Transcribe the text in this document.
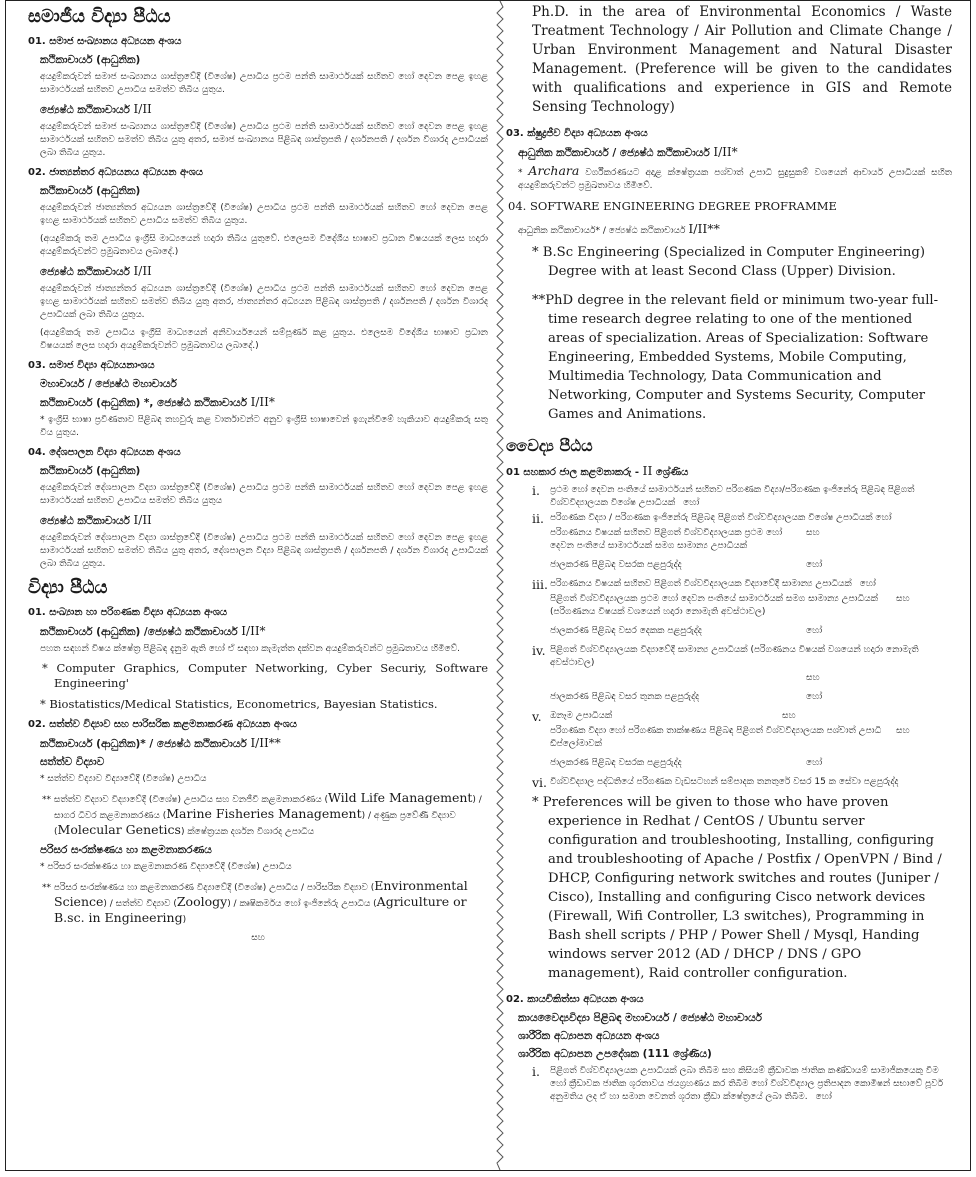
සමාජීය විද්‍යා පීඨය
01. සමාජ සංඛ්‍යානය අධ්‍යයන අංශය
කථිකාචාර්ය (ආධුනික)
අයදුම්කරුවන් සමාජ සංඛ්‍යානය ශාස්ත්‍රවේදී (විශේෂ) උපාධිය ප්‍රථම පන්ති සාමාර්ථයක් සහිතව හෝ දෙවන පෙළ ඉහළ සාමාර්ථයක් සහිතව උපාධිය සමත්ව තිබිය යුතුය.
ජ්‍යෙෂ්ඨ කථිකාචාර්ය I/II
අයදුම්කරුවන් සමාජ සංඛ්‍යානය ශාස්ත්‍රවේදී (විශේෂ) උපාධිය ප්‍රථම පන්ති සාමාර්ථයක් සහිතව හෝ දෙවන පෙළ ඉහළ සාමාර්ථයක් සහිතව සමත්ව තිබිය යුතු අතර, සමාජ සංඛ්‍යානය පිළිබඳ ශාස්ත්‍රපති / දර්ශනපති / දර්ශන විශාරද උපාධියක් ලබා තිබිය යුතුය.
02. ජාත්‍යන්තර අධ්‍යයනය අධ්‍යයන අංශය
කථිකාචාර්ය (ආධුනික)
අයදුම්කරුවන් ජාත්‍යන්තර අධ්‍යයන ශාස්ත්‍රවේදී (විශේෂ) උපාධිය ප්‍රථම පන්ති සාමාර්ථයක් සහිතව හෝ දෙවන පෙළ ඉහළ සාමාර්ථයක් සහිතව උපාධිය සමත්ව තිබිය යුතුය.
(අයදුම්කරු තම උපාධිය ඉංග්‍රීසි මාධ්‍යයෙන් හදාරා තිබිය යුතුවේ. එලෙසම විදේශීය භාෂාව ප්‍රධාන විෂයයක් ලෙස හදාරා අයදුම්කරුවන්ට ප්‍රමුඛතාවය ලබාදේ.)
ජ්‍යෙෂ්ඨ කථිකාචාර්ය I/II
අයදුම්කරුවන් ජාත්‍යන්තර අධ්‍යයන ශාස්ත්‍රවේදී (විශේෂ) උපාධිය ප්‍රථම පන්ති සාමාර්ථයක් සහිතව හෝ දෙවන පෙළ ඉහළ සාමාර්ථයක් සහිතව සමත්ව තිබිය යුතු අතර, ජාත්‍යන්තර අධ්‍යයන පිළිබඳ ශාස්ත්‍රපති / දර්ශනපති / දර්ශන විශාරද උපාධියක් ලබා තිබිය යුතුය.
(අයදුම්කරු තම උපාධිය ඉංග්‍රීසි මාධ්‍යයෙන් අනිවාර්යයෙන් සම්පූර්ණ කළ යුතුය. එලෙසම විදේශීය භාෂාව ප්‍රධාන විෂයයක් ලෙස හදාරා අයදුම්කරුවන්ට ප්‍රමුඛතාවය ලබාදේ.)
03. සමාජ විද්‍යා අධ්‍යයනාංශය
මහාචාර්ය / ජ්‍යෙෂ්ඨ මහාචාර්ය
කථිකාචාර්ය (ආධුනික) *, ජ්‍යෙෂ්ඨ කථිකාචාර්ය I/II*
* ඉංග්‍රීසි භාෂා ප්‍රවීණතාව පිළිබඳ තහවුරු කළ වාර්තාවන්ට අනුව ඉංග්‍රීසි භාෂාවෙන් ඉගැන්වීමේ හැකියාව අයදුම්කරු සතු විය යුතුය.
04. දේශපාලන විද්‍යා අධ්‍යයන අංශය
කථිකාචාර්ය (ආධුනික)
අයදුම්කරුවන් දේශපාලන විද්‍යා ශාස්ත්‍රවේදී (විශේෂ) උපාධිය ප්‍රථම පන්ති සාමාර්ථයක් සහිතව හෝ දෙවන පෙළ ඉහළ සාමාර්ථයක් සහිතව උපාධිය සමත්ව තිබිය යුතුය
ජ්‍යෙෂ්ඨ කථිකාචාර්ය I/II
අයදුම්කරුවන් දේශපාලන විද්‍යා ශාස්ත්‍රවේදී (විශේෂ) උපාධිය ප්‍රථම පන්ති සාමාර්ථයක් සහිතව හෝ දෙවන පෙළ ඉහළ සාමාර්ථයක් සහිතව සමත්ව තිබිය යුතු අතර, දේශපාලන විද්‍යා පිළිබඳ ශාස්ත්‍රපති / දර්ශනපති / දර්ශන විශාරද උපාධියක් ලබා තිබිය යුතුය.
විද්‍යා පීඨය
01. සංඛ්‍යාන හා පරිගණක විද්‍යා අධ්‍යයන අංශය
කථිකාචාර්ය (ආධුනික) /ජ්‍යෙෂ්ඨ කථිකාචාර්ය I/II*
පහත සඳහන් විෂය ක්ෂේත්‍ර පිළිබඳ දැනුම ඇති හෝ ඒ සඳහා කැමැත්ත දක්වන අයදුම්කරුවන්ට ප්‍රමුඛතාවය හිමිවේ.
* Computer Graphics, Computer Networking, Cyber Securiy, Software Engineering'
* Biostatistics/Medical Statistics, Econometrics, Bayesian Statistics.
02. සත්ත්ව විද්‍යාව සහ පාරිසරික කළමනාකරණ අධ්‍යයන අංශය
කථිකාචාර්ය (ආධුනික)* / ජ්‍යෙෂ්ඨ කථිකාචාර්ය I/II**
සත්ත්ව විද්‍යාව
* සත්ත්ව විද්‍යාව විද්‍යාවේදී (විශේෂ) උපාධිය
** සත්ත්ව විද්‍යාව විද්‍යාවේදී (විශේෂ) උපාධිය සහ වනජීවී කළමනාකරණය (Wild Life Management) / සාගර ධීවර කළමනාකරණය (Marine Fisheries Management) / අණුක ප්‍රවේණි විද්‍යාව (Molecular Genetics) ක්ෂේත්‍රයක දර්ශන විශාරද උපාධිය
පරිසර සංරක්ෂණය හා කළමනාකරණය
* පරිසර සංරක්ෂණය හා කළමනාකරණ විද්‍යාවේදී (විශේෂ) උපාධිය
** පරිසර සංරක්ෂණය හා කළමනාකරණ විද්‍යාවේදී (විශේෂ) උපාධිය / පාරිසරික විද්‍යාව (Environmental Science) / සත්ත්ව විද්‍යාව (Zoology) / කෘෂිකර්මය හෝ ඉංජිනේරු උපාධිය (Agriculture or B.sc. in Engineering)
සහ
Ph.D. in the area of Environmental Economics / Waste Treatment Technology / Air Pollution and Climate Change / Urban Environment Management and Natural Disaster Management. (Preference will be given to the candidates with qualifications and experience in GIS and Remote Sensing Technology)
03. ක්ෂුද්‍රජීව විද්‍යා අධ්‍යයන අංශය
ආධුනික කථිකාචාර්ය / ජ්‍යෙෂ්ඨ කථිකාචාර්ය I/II*
* Archara වර්ගීකරණයට අදාළ ක්ෂේත්‍රයක පශ්චාත් උපාධි සුදුසුකම් වශයෙන් ආචාර්ය උපාධියක් සහිත අයදුම්කරුවන්ට ප්‍රමුඛතාවය හිමිවේ.
04. SOFTWARE ENGINEERING DEGREE PROFRAMME
ආධුනික කථිකාචාර්ය* / ජ්‍යෙෂ්ඨ කථිකාචාර්ය I/II**
* B.Sc Engineering (Specialized in Computer Engineering) Degree with at least Second Class (Upper) Division.
**PhD degree in the relevant field or minimum two-year full-time research degree relating to one of the mentioned areas of specialization. Areas of Specialization: Software Engineering, Embedded Systems, Mobile Computing, Multimedia Technology, Data Communication and Networking, Computer and Systems Security, Computer Games and Animations.
වෛද්‍ය පීඨය
01 සහකාර ජාල කළමනාකරු - II ශ්‍රේණිය
i.	ප්‍රථම හෝ දෙවන පංතියේ සාමාර්ථයන් සහිතව පරිගණක විද්‍යා/පරිගණක ඉංජිනේරු පිළිබඳ පිළිගත් විශ්වවිද්‍යාලයක විශේෂ උපාධියක් හෝ
ii. පරිගණක විද්‍යා / පරිගණක ඉංජිනේරු පිළිබඳ පිළිගත් විශ්වවිද්‍යාලයක විශේෂ උපාධියක් හෝ
පරිගණනය විෂයක් සහිතව පිළිගත් විශ්වවිද්‍යාලයක ප්‍රථම හෝ දෙවන පංතියේ සාමාර්ථයක් සමග සාමාන්‍ය උපාධියක්
සහ
ජාලකරණ පිළිබඳ වසරක පළපුරුද්ද	හෝ
iii. පරිගණනය විෂයක් සහිතව පිළිගත් විශ්වවිද්‍යාලයක විද්‍යාවේදී සාමාන්‍ය උපාධියක් හෝ
පිළිගත් විශ්වවිද්‍යාලයක ප්‍රථම හෝ දෙවන පංතියේ සාමාර්ථයක් සමග සාමාන්‍ය උපාධියක් (පරිගණනය විෂයක් වශයෙන් හදාරා නොමැති අවස්ථාවල)
සහ
ජාලකරණ පිළිබඳ වසර දෙකක පළපුරුද්ද	හෝ
iv. පිළිගත් විශ්වවිද්‍යාලයක විද්‍යාවේදී සාමාන්‍ය උපාධියක් (පරිගණනය විෂයක් වශයෙන් හදාරා නොමැති අවස්ථාවල)
සහ
ජාලකරණ පිළිබඳ වසර තුනක පළපුරුද්ද	හෝ
v. ඔනෑම උපාධියක්	සහ
පරිගණක විද්‍යා හෝ පරිගණක තාක්ෂණය පිළිබඳ පිළිගත් විශ්වවිද්‍යාලයක පශ්චාත් උපාධි ඩිප්ලෝමාවක්
සහ
ජාලකරණ පිළිබඳ වසරක පළපුරුද්ද	හෝ
vi. විශ්වවිද්‍යාල පද්ධතියේ පරිගණක වැඩසටහන් සම්පාදක තනතුරේ වසර 15 ක සේවා පළපුරුද්ද
* Preferences will be given to those who have proven experience in Redhat / CentOS / Ubuntu server configuration and troubleshooting, Installing, configuring and troubleshooting of Apache / Postfix / OpenVPN / Bind / DHCP, Configuring network switches and routes (Juniper / Cisco), Installing and configuring Cisco network devices (Firewall, Wifi Controller, L3 switches), Programming in Bash shell scripts / PHP / Power Shell / Mysql, Handing windows server 2012 (AD / DHCP / DNS / GPO management), Raid controller configuration.
02. කායචිකිත්සා අධ්‍යයන අංශය
කායවෛද්‍යවිද්‍යා පිළිබඳ මහාචාර්ය / ජ්‍යෙෂ්ඨ මහාචාර්ය
ශාරීරික අධ්‍යාපන අධ්‍යයන අංශය
ශාරීරික අධ්‍යාපන උපදේශක (111 ශ්‍රේණිය)
i.	පිළිගත් විශ්වවිද්‍යාලයක උපාධියක් ලබා තිබීම සහ කිසියම් ක්‍රීඩාවක ජාතික කණ්ඩායම් සාමාජිකයෙකු වීම හෝ ක්‍රීඩාවක ජාතික ශූරතාවය ජයග්‍රහණය කර තිබීම හෝ විශ්වවිද්‍යාල ප්‍රතිපාදන කොමිෂන් සභාවේ පූර්ව අනුමතිය ලද ඒ හා සමාන වෙනත් ශූරතා ක්‍රීඩා ක්ෂේත්‍රයේ ලබා තිබීම. හෝ
